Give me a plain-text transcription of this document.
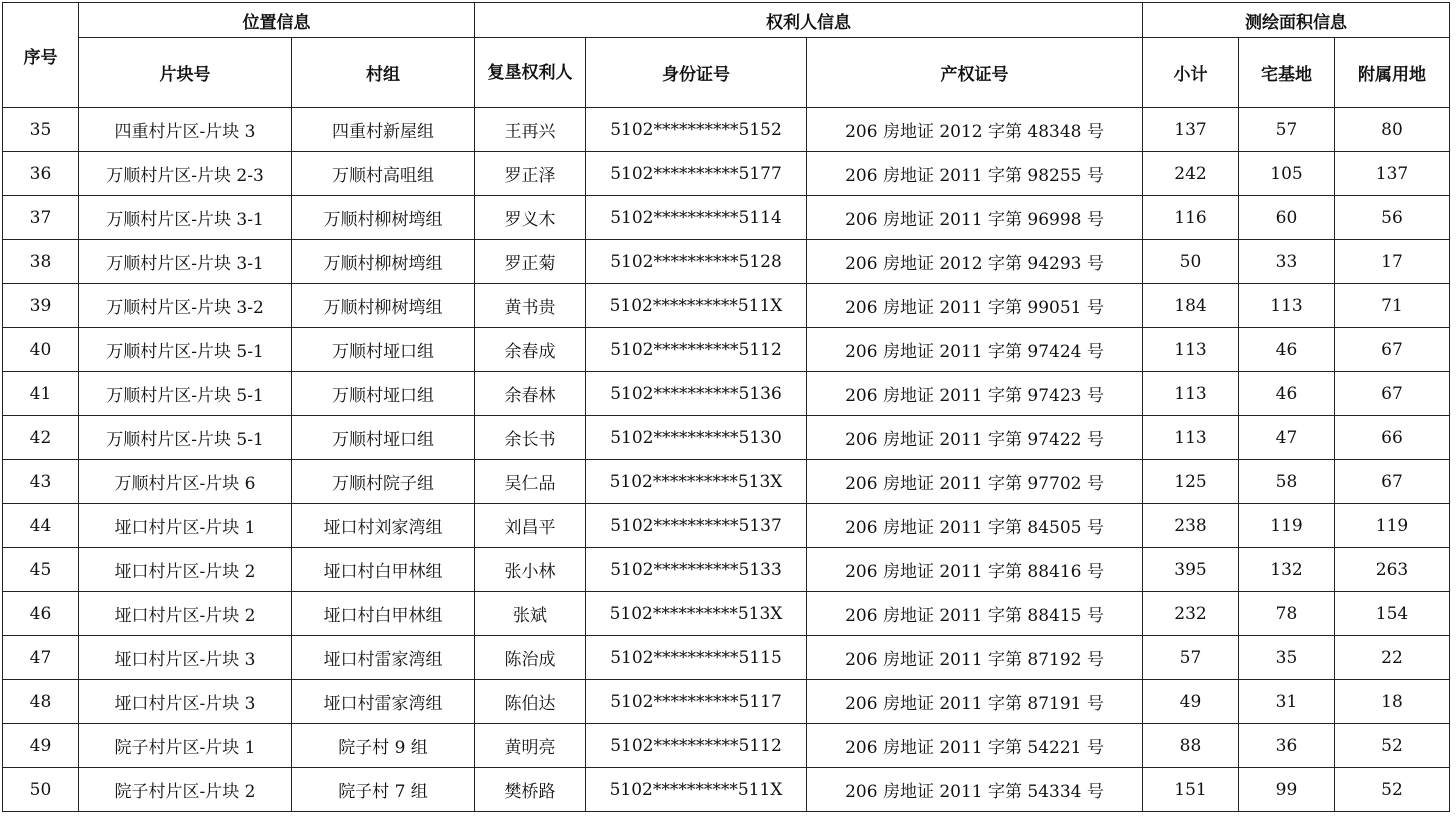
序号	位置信息		权利人信息			测绘面积信息		
	片块号	村组	复垦权利人	身份证号	产权证号	小计	宅基地	附属用地
35	四重村片区-片块 3	四重村新屋组	王再兴	5102**********5152	206 房地证 2012 字第 48348 号	137	57	80
36	万顺村片区-片块 2-3	万顺村高咀组	罗正泽	5102**********5177	206 房地证 2011 字第 98255 号	242	105	137
37	万顺村片区-片块 3-1	万顺村柳树塆组	罗义木	5102**********5114	206 房地证 2011 字第 96998 号	116	60	56
38	万顺村片区-片块 3-1	万顺村柳树塆组	罗正菊	5102**********5128	206 房地证 2012 字第 94293 号	50	33	17
39	万顺村片区-片块 3-2	万顺村柳树塆组	黄书贵	5102**********511X	206 房地证 2011 字第 99051 号	184	113	71
40	万顺村片区-片块 5-1	万顺村垭口组	余春成	5102**********5112	206 房地证 2011 字第 97424 号	113	46	67
41	万顺村片区-片块 5-1	万顺村垭口组	余春林	5102**********5136	206 房地证 2011 字第 97423 号	113	46	67
42	万顺村片区-片块 5-1	万顺村垭口组	余长书	5102**********5130	206 房地证 2011 字第 97422 号	113	47	66
43	万顺村片区-片块 6	万顺村院子组	吴仁品	5102**********513X	206 房地证 2011 字第 97702 号	125	58	67
44	垭口村片区-片块 1	垭口村刘家湾组	刘昌平	5102**********5137	206 房地证 2011 字第 84505 号	238	119	119
45	垭口村片区-片块 2	垭口村白甲林组	张小林	5102**********5133	206 房地证 2011 字第 88416 号	395	132	263
46	垭口村片区-片块 2	垭口村白甲林组	张斌	5102**********513X	206 房地证 2011 字第 88415 号	232	78	154
47	垭口村片区-片块 3	垭口村雷家湾组	陈治成	5102**********5115	206 房地证 2011 字第 87192 号	57	35	22
48	垭口村片区-片块 3	垭口村雷家湾组	陈伯达	5102**********5117	206 房地证 2011 字第 87191 号	49	31	18
49	院子村片区-片块 1	院子村 9 组	黄明亮	5102**********5112	206 房地证 2011 字第 54221 号	88	36	52
50	院子村片区-片块 2	院子村 7 组	樊桥路	5102**********511X	206 房地证 2011 字第 54334 号	151	99	52
